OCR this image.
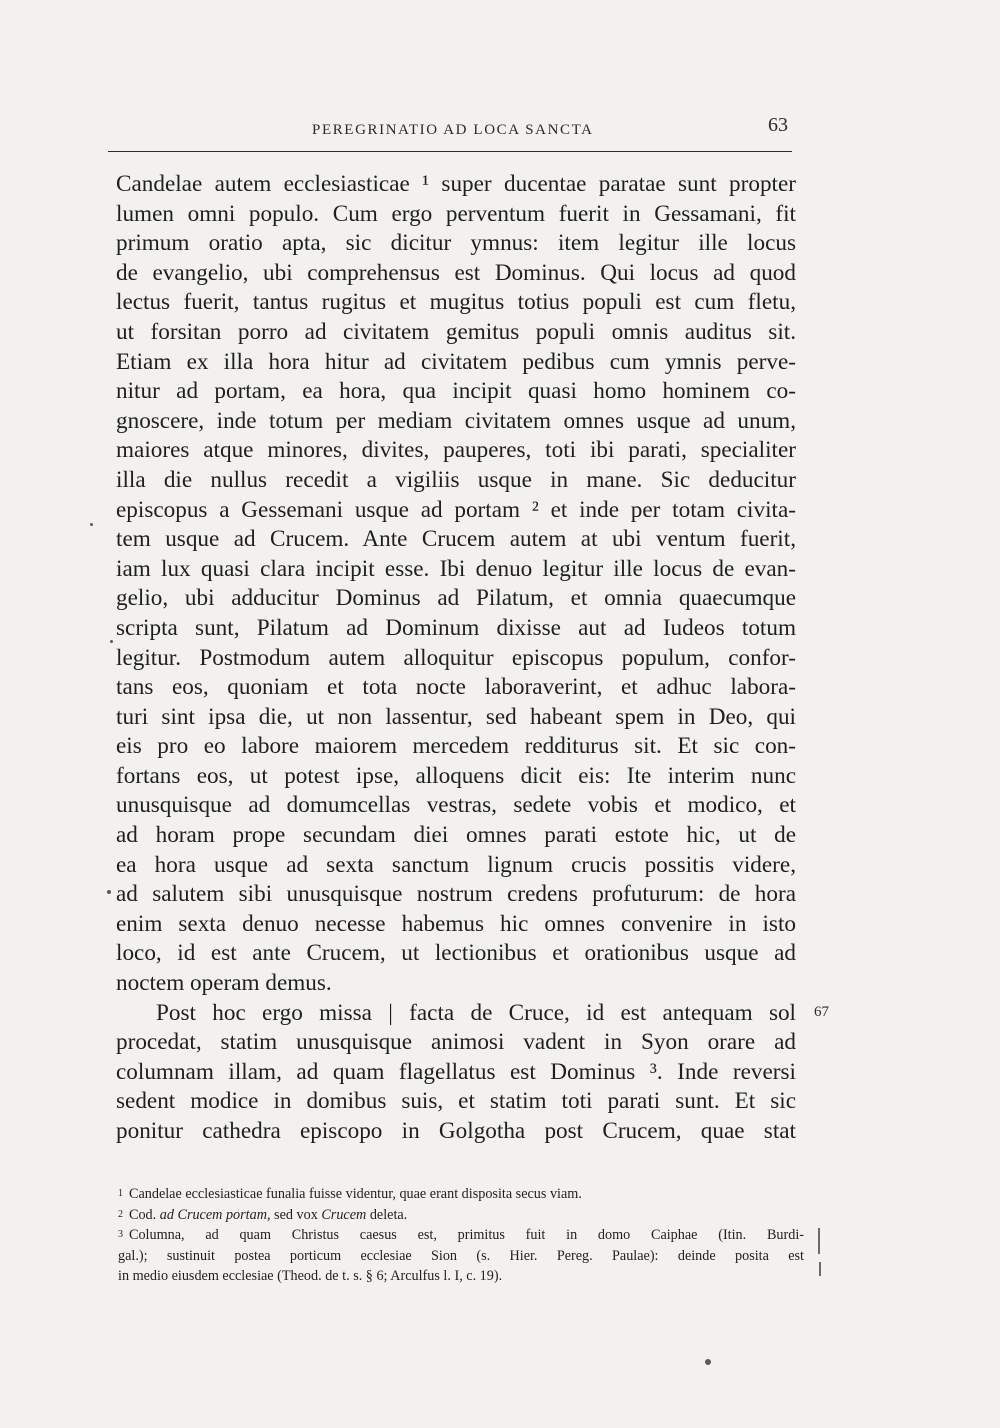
PEREGRINATIO AD LOCA SANCTA	63
Candelae autem ecclesiasticae ¹ super ducentae paratae sunt propter
lumen omni populo. Cum ergo perventum fuerit in Gessamani, fit
primum oratio apta, sic dicitur ymnus: item legitur ille locus
de evangelio, ubi comprehensus est Dominus. Qui locus ad quod
lectus fuerit, tantus rugitus et mugitus totius populi est cum fletu,
ut forsitan porro ad civitatem gemitus populi omnis auditus sit.
Etiam ex illa hora hitur ad civitatem pedibus cum ymnis perve-
nitur ad portam, ea hora, qua incipit quasi homo hominem co-
gnoscere, inde totum per mediam civitatem omnes usque ad unum,
maiores atque minores, divites, pauperes, toti ibi parati, specialiter
illa die nullus recedit a vigiliis usque in mane. Sic deducitur
episcopus a Gessemani usque ad portam ² et inde per totam civita-
tem usque ad Crucem. Ante Crucem autem at ubi ventum fuerit,
iam lux quasi clara incipit esse. Ibi denuo legitur ille locus de evan-
gelio, ubi adducitur Dominus ad Pilatum, et omnia quaecumque
scripta sunt, Pilatum ad Dominum dixisse aut ad Iudeos totum
legitur. Postmodum autem alloquitur episcopus populum, confor-
tans eos, quoniam et tota nocte laboraverint, et adhuc labora-
turi sint ipsa die, ut non lassentur, sed habeant spem in Deo, qui
eis pro eo labore maiorem mercedem redditurus sit. Et sic con-
fortans eos, ut potest ipse, alloquens dicit eis: Ite interim nunc
unusquisque ad domumcellas vestras, sedete vobis et modico, et
ad horam prope secundam diei omnes parati estote hic, ut de
ea hora usque ad sexta sanctum lignum crucis possitis videre,
ad salutem sibi unusquisque nostrum credens profuturum: de hora
enim sexta denuo necesse habemus hic omnes convenire in isto
loco, id est ante Crucem, ut lectionibus et orationibus usque ad
noctem operam demus.
Post hoc ergo missa | facta de Cruce, id est antequam sol
procedat, statim unusquisque animosi vadent in Syon orare ad
columnam illam, ad quam flagellatus est Dominus ³. Inde reversi
sedent modice in domibus suis, et statim toti parati sunt. Et sic
ponitur cathedra episcopo in Golgotha post Crucem, quae stat
67
1 Candelae ecclesiasticae funalia fuisse videntur, quae erant disposita secus viam.
2 Cod. ad Crucem portam, sed vox Crucem deleta.
3 Columna, ad quam Christus caesus est, primitus fuit in domo Caiphae (Itin. Burdi-
gal.); sustinuit postea porticum ecclesiae Sion (s. Hier. Pereg. Paulae): deinde posita est
in medio eiusdem ecclesiae (Theod. de t. s. § 6; Arculfus l. I, c. 19).
